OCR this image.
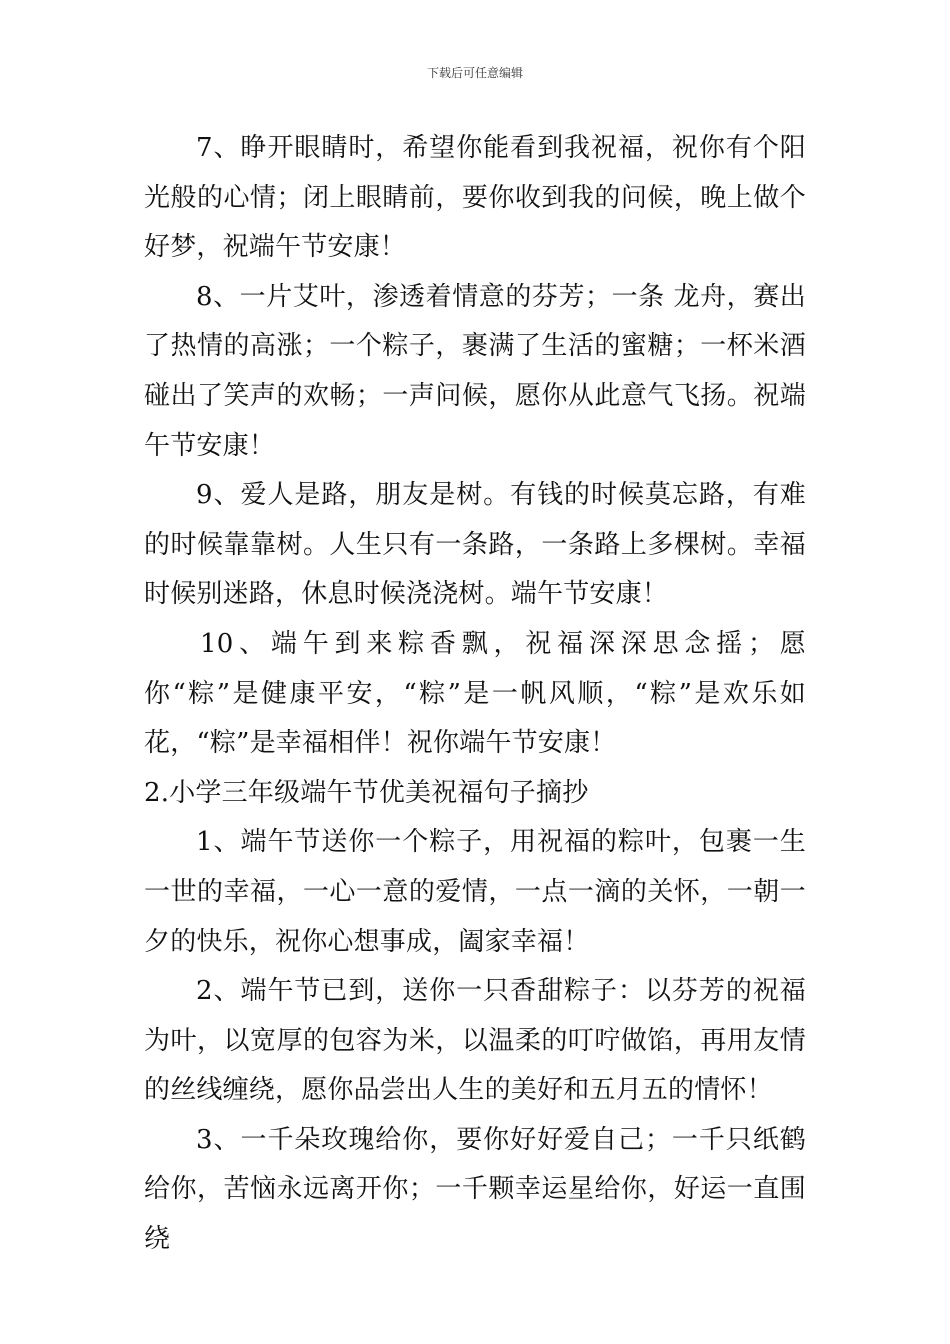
下载后可任意编辑

7、睁开眼睛时，希望你能看到我祝福，祝你有个阳光般的心情；闭上眼睛前，要你收到我的问候，晚上做个好梦，祝端午节安康！

8、一片艾叶，渗透着情意的芬芳；一条 龙舟，赛出了热情的高涨；一个粽子，裹满了生活的蜜糖；一杯米酒碰出了笑声的欢畅；一声问候，愿你从此意气飞扬。祝端午节安康！

9、爱人是路，朋友是树。有钱的时候莫忘路，有难的时候靠靠树。人生只有一条路，一条路上多棵树。幸福时候别迷路，休息时候浇浇树。端午节安康！

10、端午到来粽香飘，祝福深深思念摇；愿你“粽”是健康平安，“粽”是一帆风顺，“粽”是欢乐如花，“粽”是幸福相伴！祝你端午节安康！

2.小学三年级端午节优美祝福句子摘抄

1、端午节送你一个粽子，用祝福的粽叶，包裹一生一世的幸福，一心一意的爱情，一点一滴的关怀，一朝一夕的快乐，祝你心想事成，阖家幸福！

2、端午节已到，送你一只香甜粽子：以芬芳的祝福为叶，以宽厚的包容为米，以温柔的叮咛做馅，再用友情的丝线缠绕，愿你品尝出人生的美好和五月五的情怀！

3、一千朵玫瑰给你，要你好好爱自己；一千只纸鹤给你，苦恼永远离开你；一千颗幸运星给你，好运一直围绕
